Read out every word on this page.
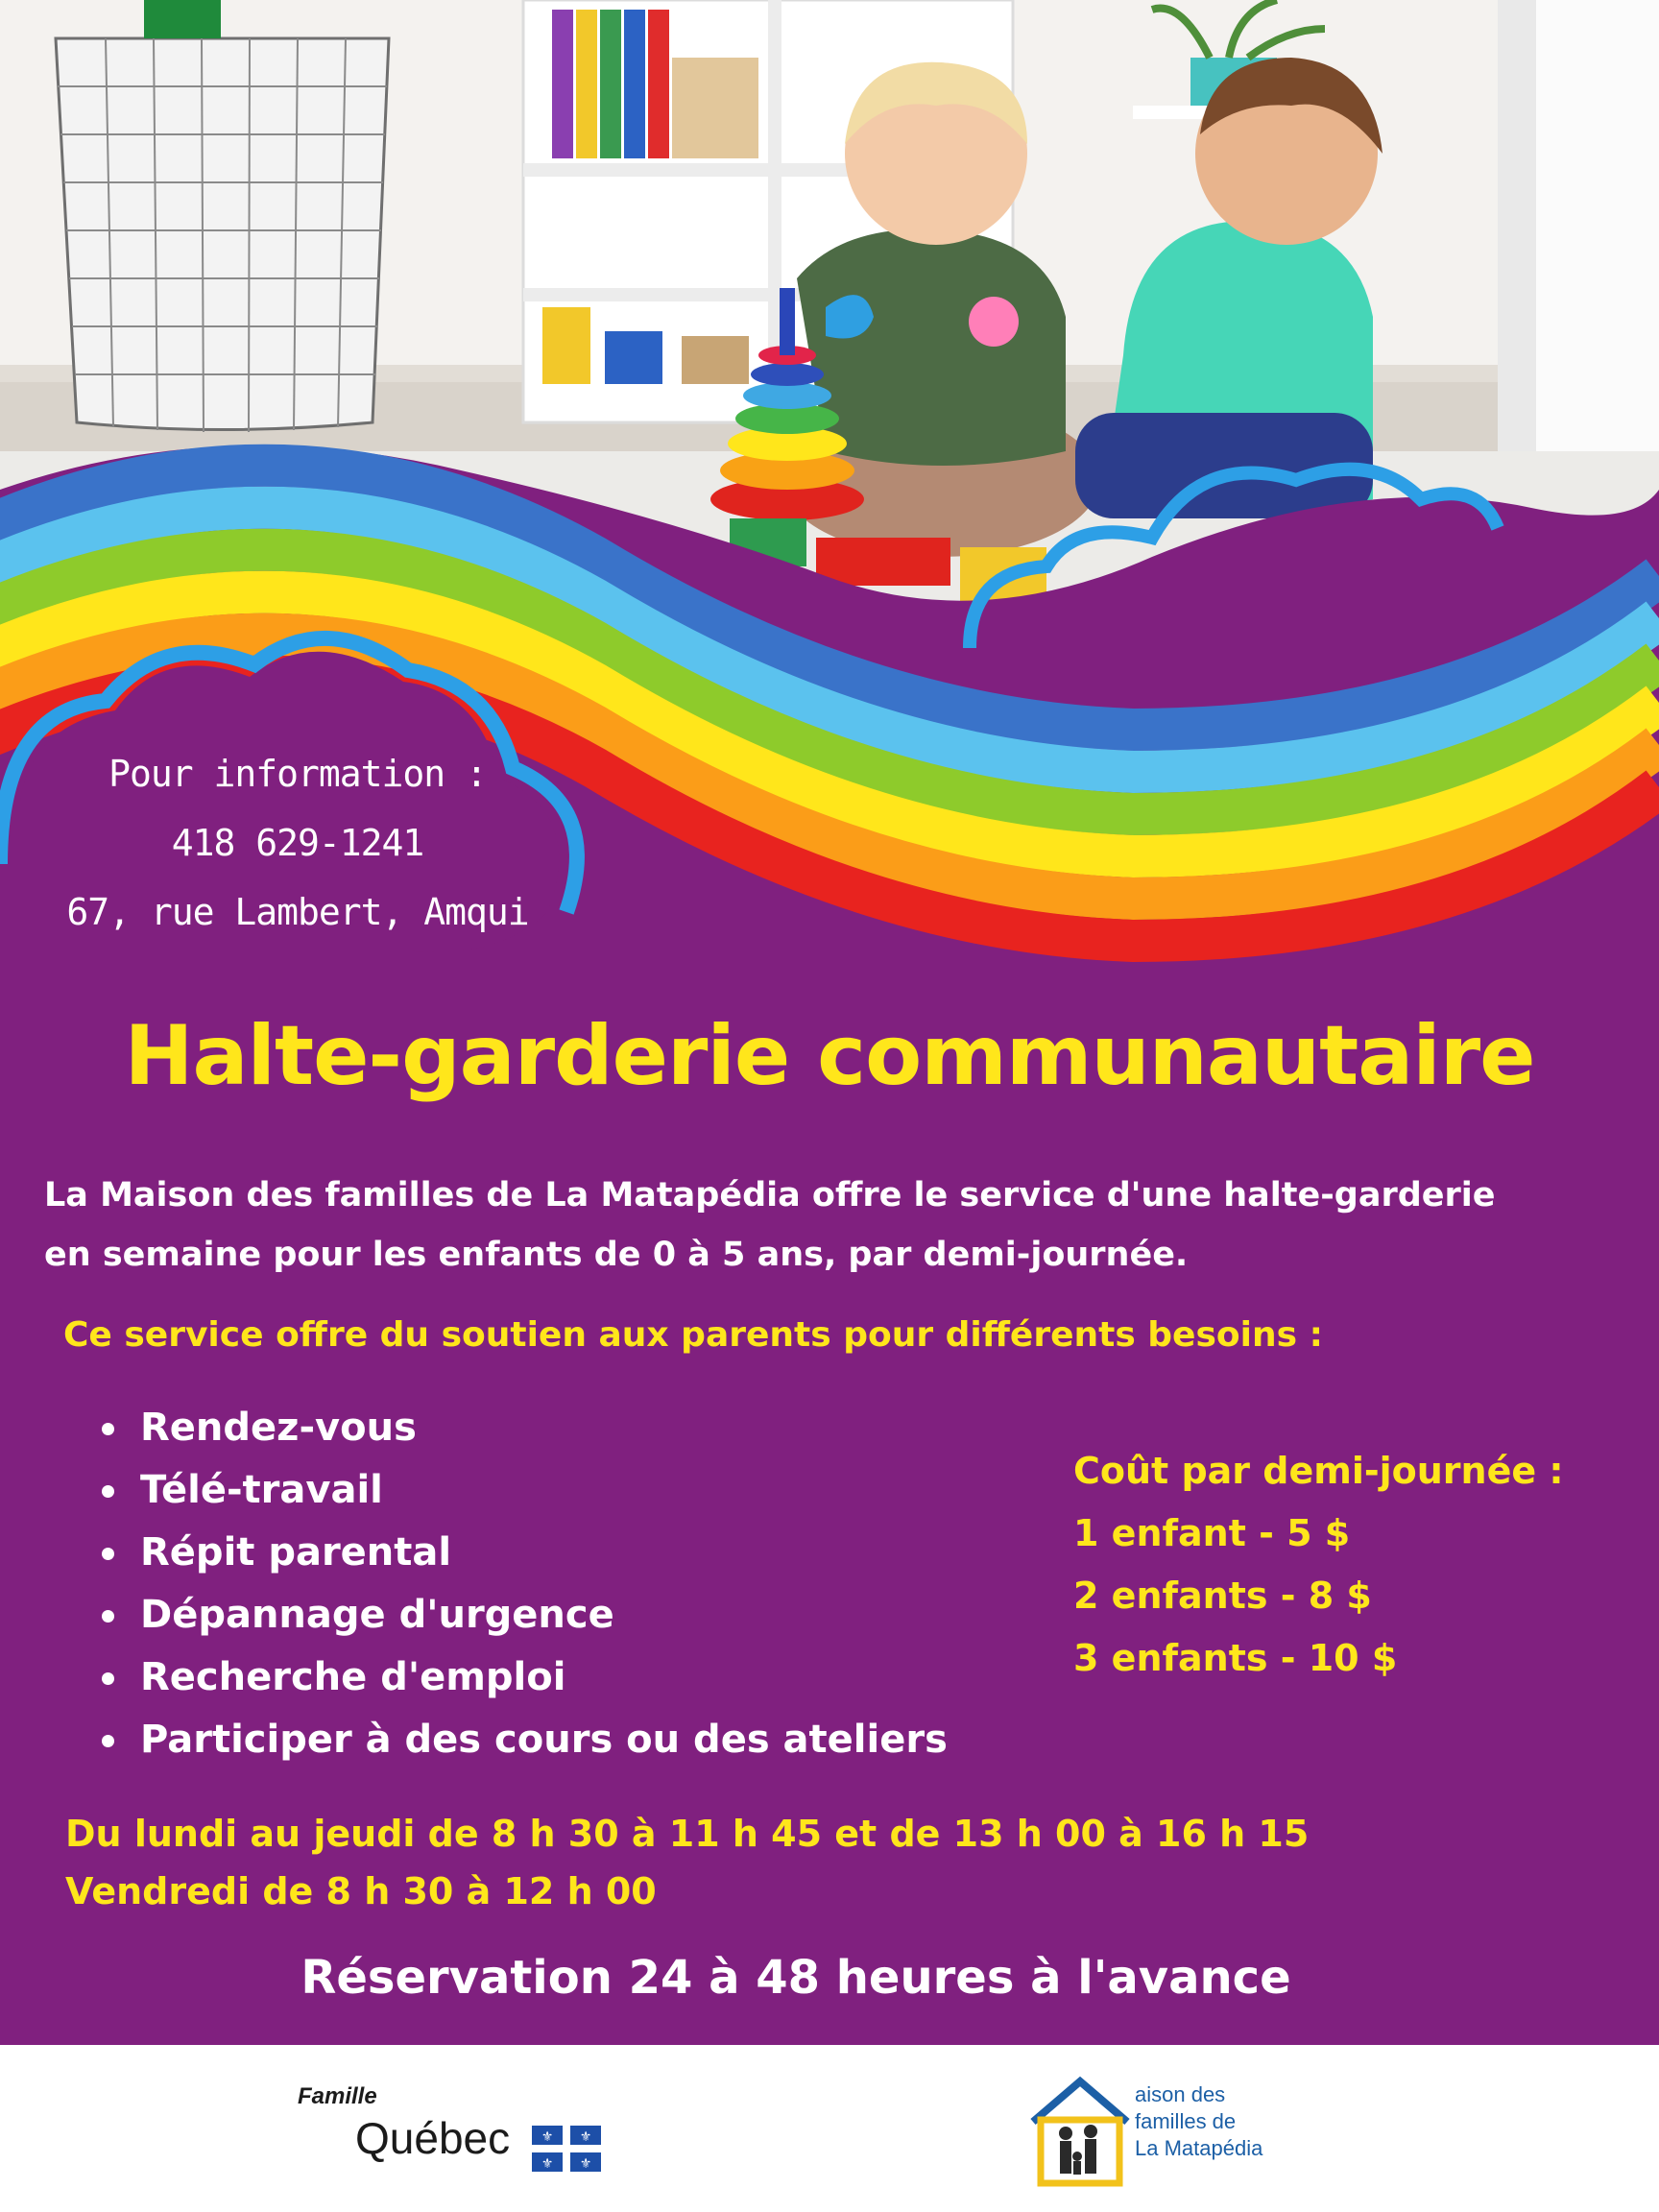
Pour information :
418 629-1241
67, rue Lambert, Amqui
Halte-garderie communautaire
La Maison des familles de La Matapédia offre le service d'une halte-garderie
en semaine pour les enfants de 0 à 5 ans, par demi-journée.
Ce service offre du soutien aux parents pour différents besoins :
Rendez-vous
Télé-travail
Répit parental
Dépannage d'urgence
Recherche d'emploi
Participer à des cours ou des ateliers
Coût par demi-journée :
1 enfant - 5 $
2 enfants - 8 $
3 enfants - 10 $
Du lundi au jeudi de 8 h 30 à 11 h 45 et de 13 h 00 à 16 h 15
Vendredi de 8 h 30 à 12 h 00
Réservation 24 à 48 heures à l'avance
Famille
Québec ⚜ ⚜
⚜ ⚜
aison des
familles de
La Matapédia
